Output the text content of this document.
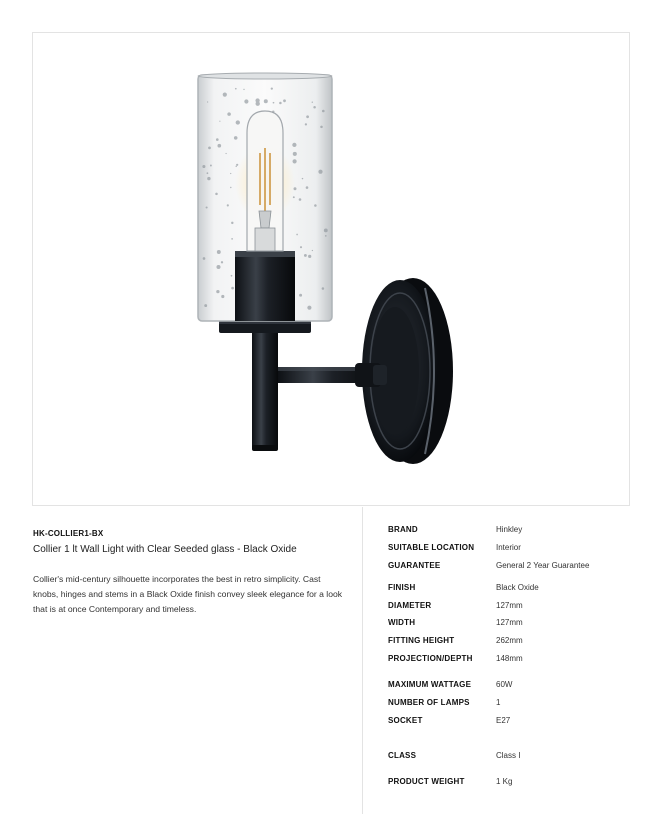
HK-COLLIER1-BX
Collier 1 lt Wall Light with Clear Seeded glass - Black Oxide
Collier's mid-century silhouette incorporates the best in retro simplicity. Cast knobs, hinges and stems in a Black Oxide finish convey sleek elegance for a look that is at once Contemporary and timeless.
BRAND	Hinkley
SUITABLE LOCATION	Interior
GUARANTEE	General 2 Year Guarantee
FINISH	Black Oxide
DIAMETER	127mm
WIDTH	127mm
FITTING HEIGHT	262mm
PROJECTION/DEPTH	148mm
MAXIMUM WATTAGE	60W
NUMBER OF LAMPS	1
SOCKET	E27
CLASS	Class I
PRODUCT WEIGHT	1 Kg
